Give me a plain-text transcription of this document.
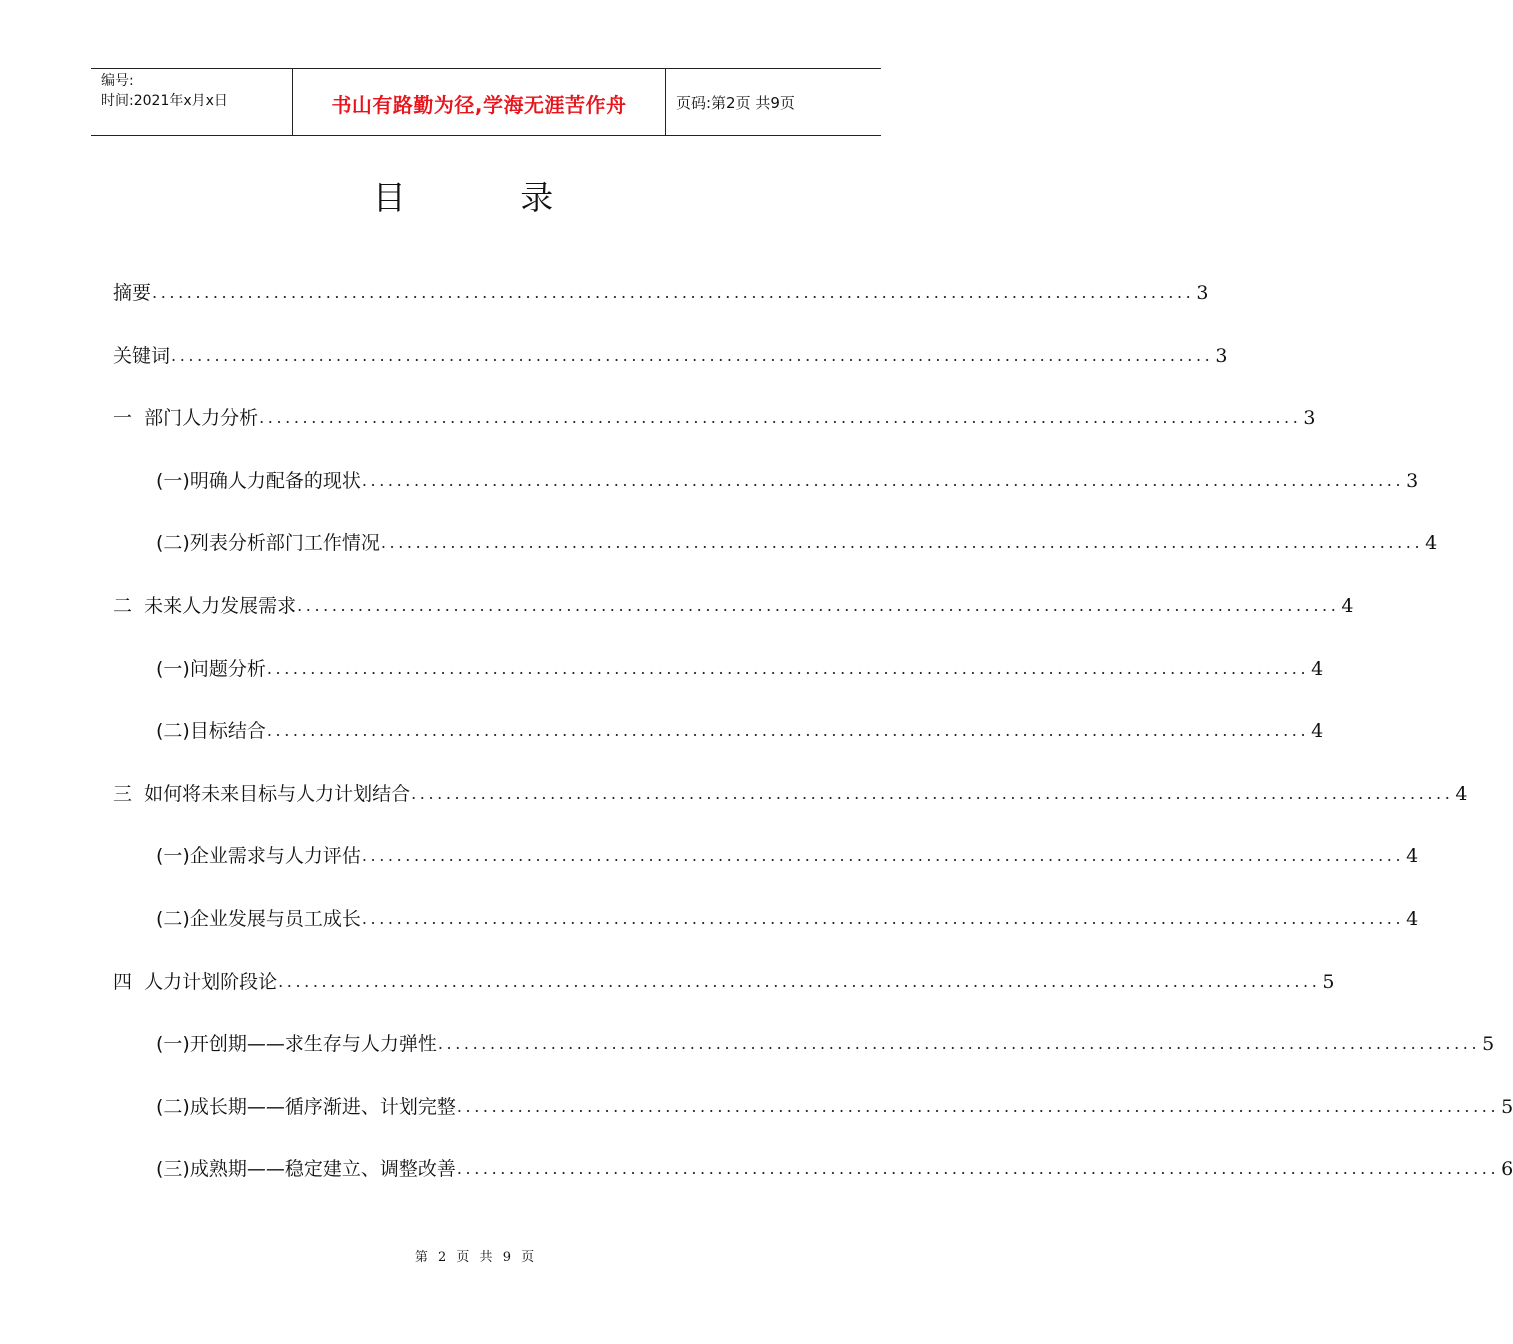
编号:
时间:2021年x月x日	书山有路勤为径,学海无涯苦作舟	页码:第2页 共9页
目 录
摘要 ........................................................................................................................ 3
关键词 ........................................................................................................................ 3
一  部门人力分析 ........................................................................................................................ 3
(一)明确人力配备的现状 ........................................................................................................................ 3
(二)列表分析部门工作情况 ........................................................................................................................ 4
二  未来人力发展需求 ........................................................................................................................ 4
(一)问题分析 ........................................................................................................................ 4
(二)目标结合 ........................................................................................................................ 4
三  如何将未来目标与人力计划结合 ........................................................................................................................ 4
(一)企业需求与人力评估 ........................................................................................................................ 4
(二)企业发展与员工成长 ........................................................................................................................ 4
四  人力计划阶段论 ........................................................................................................................ 5
(一)开创期——求生存与人力弹性 ........................................................................................................................ 5
(二)成长期——循序渐进、计划完整 ........................................................................................................................ 5
(三)成熟期——稳定建立、调整改善 ........................................................................................................................ 6
第 2 页 共 9 页
